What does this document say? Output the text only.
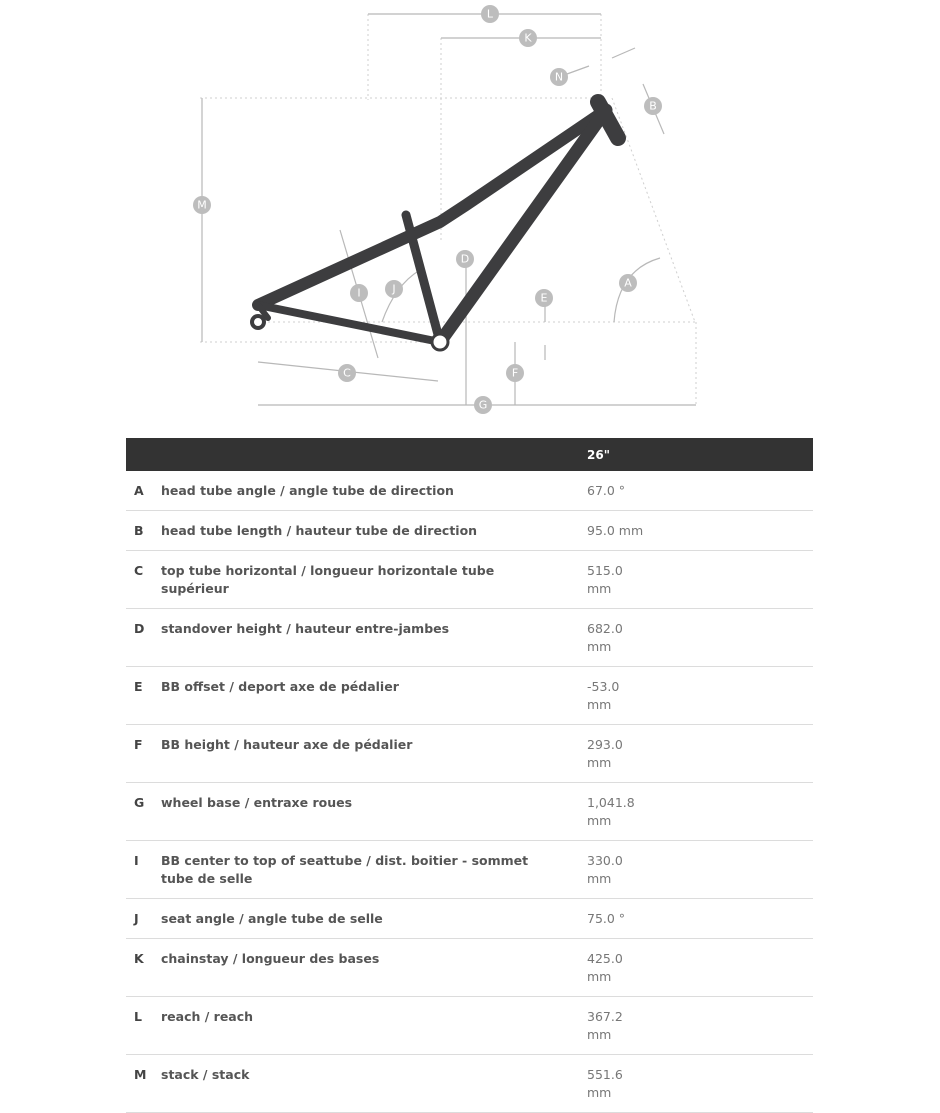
L
K
N
B
M
D
A
J
I	E
C	F
G
		26"
A	head tube angle / angle tube de direction	67.0 °
B	head tube length / hauteur tube de direction	95.0 mm
C	top tube horizontal / longueur horizontale tube supérieur	515.0 mm
D	standover height / hauteur entre-jambes	682.0 mm
E	BB offset / deport axe de pédalier	-53.0 mm
F	BB height / hauteur axe de pédalier	293.0 mm
G	wheel base / entraxe roues	1,041.8 mm
I	BB center to top of seattube / dist. boitier - sommet tube de selle	330.0 mm
J	seat angle / angle tube de selle	75.0 °
K	chainstay / longueur des bases	425.0 mm
L	reach / reach	367.2 mm
M	stack / stack	551.6 mm
